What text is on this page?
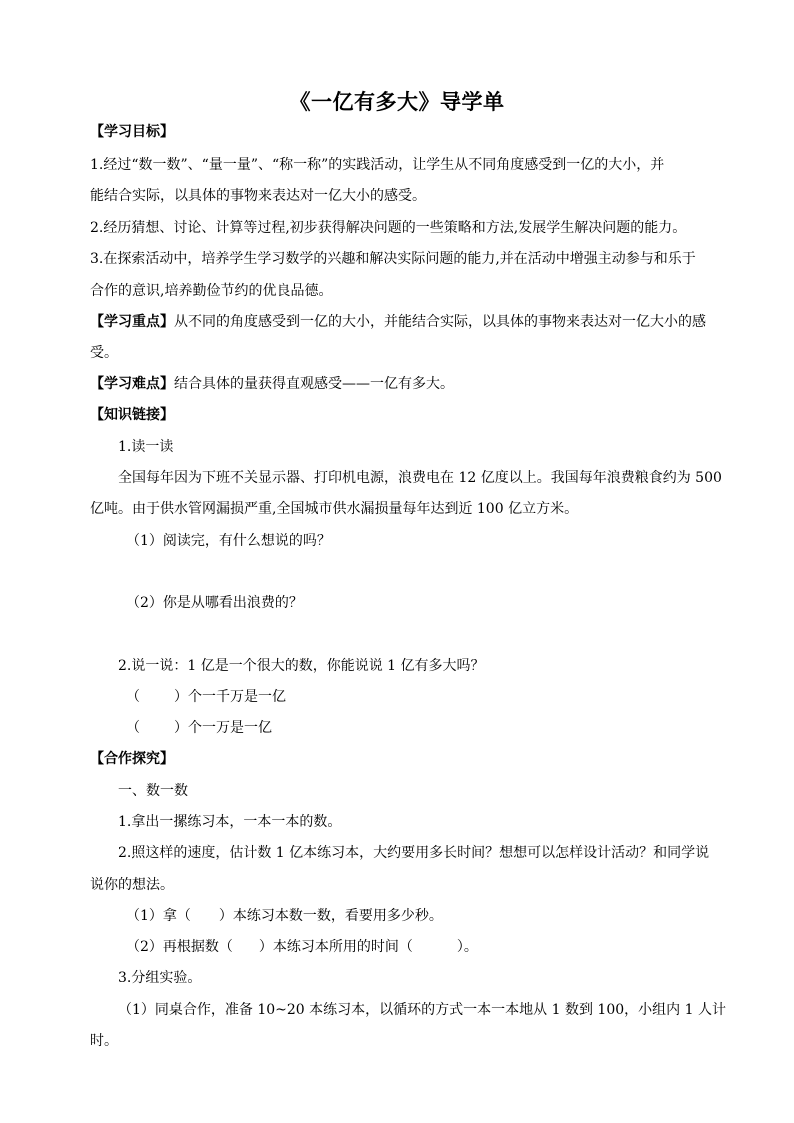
《一亿有多大》导学单
【学习目标】
1.经过“数一数”、“量一量”、“称一称”的实践活动，让学生从不同角度感受到一亿的大小，并
能结合实际，以具体的事物来表达对一亿大小的感受。
2.经历猜想、讨论、计算等过程,初步获得解决问题的一些策略和方法,发展学生解决问题的能力。
3.在探索活动中，培养学生学习数学的兴趣和解决实际问题的能力,并在活动中增强主动参与和乐于
合作的意识,培养勤俭节约的优良品德。
【学习重点】从不同的角度感受到一亿的大小，并能结合实际，以具体的事物来表达对一亿大小的感
受。
【学习难点】结合具体的量获得直观感受——一亿有多大。
【知识链接】
1.读一读
全国每年因为下班不关显示器、打印机电源，浪费电在 12 亿度以上。我国每年浪费粮食约为 500
亿吨。由于供水管网漏损严重,全国城市供水漏损量每年达到近 100 亿立方米。
（1）阅读完，有什么想说的吗？
（2）你是从哪看出浪费的？
2.说一说：1 亿是一个很大的数，你能说说 1 亿有多大吗？
（ ）个一千万是一亿
（ ）个一万是一亿
【合作探究】
一、数一数
1.拿出一摞练习本，一本一本的数。
2.照这样的速度，估计数 1 亿本练习本，大约要用多长时间？想想可以怎样设计活动？和同学说
说你的想法。
（1）拿（ ）本练习本数一数，看要用多少秒。
（2）再根据数（ ）本练习本所用的时间（	）。
3.分组实验。
（1）同桌合作，准备 10~20 本练习本，以循环的方式一本一本地从 1 数到 100，小组内 1 人计
时。
